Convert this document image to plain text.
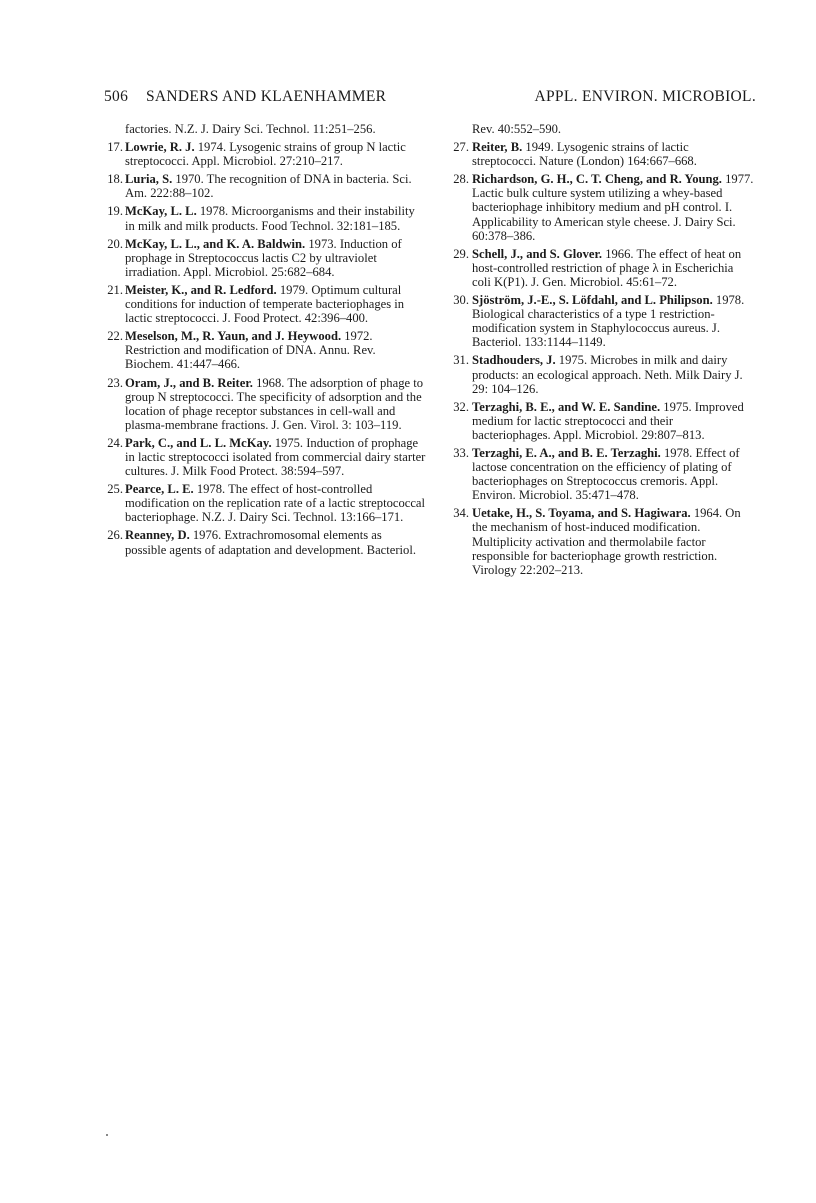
506 SANDERS AND KLAENHAMMER	APPL. ENVIRON. MICROBIOL.
factories. N.Z. J. Dairy Sci. Technol. 11:251–256.
17. Lowrie, R. J. 1974. Lysogenic strains of group N lactic streptococci. Appl. Microbiol. 27:210–217.
18. Luria, S. 1970. The recognition of DNA in bacteria. Sci. Am. 222:88–102.
19. McKay, L. L. 1978. Microorganisms and their instability in milk and milk products. Food Technol. 32:181–185.
20. McKay, L. L., and K. A. Baldwin. 1973. Induction of prophage in Streptococcus lactis C2 by ultraviolet irradiation. Appl. Microbiol. 25:682–684.
21. Meister, K., and R. Ledford. 1979. Optimum cultural conditions for induction of temperate bacteriophages in lactic streptococci. J. Food Protect. 42:396–400.
22. Meselson, M., R. Yaun, and J. Heywood. 1972. Restriction and modification of DNA. Annu. Rev. Biochem. 41:447–466.
23. Oram, J., and B. Reiter. 1968. The adsorption of phage to group N streptococci. The specificity of adsorption and the location of phage receptor substances in cell-wall and plasma-membrane fractions. J. Gen. Virol. 3: 103–119.
24. Park, C., and L. L. McKay. 1975. Induction of prophage in lactic streptococci isolated from commercial dairy starter cultures. J. Milk Food Protect. 38:594–597.
25. Pearce, L. E. 1978. The effect of host-controlled modification on the replication rate of a lactic streptococcal bacteriophage. N.Z. J. Dairy Sci. Technol. 13:166–171.
26. Reanney, D. 1976. Extrachromosomal elements as possible agents of adaptation and development. Bacteriol.
Rev. 40:552–590.
27. Reiter, B. 1949. Lysogenic strains of lactic streptococci. Nature (London) 164:667–668.
28. Richardson, G. H., C. T. Cheng, and R. Young. 1977. Lactic bulk culture system utilizing a whey-based bacteriophage inhibitory medium and pH control. I. Applicability to American style cheese. J. Dairy Sci. 60:378–386.
29. Schell, J., and S. Glover. 1966. The effect of heat on host-controlled restriction of phage λ in Escherichia coli K(P1). J. Gen. Microbiol. 45:61–72.
30. Sjöström, J.-E., S. Löfdahl, and L. Philipson. 1978. Biological characteristics of a type 1 restriction-modification system in Staphylococcus aureus. J. Bacteriol. 133:1144–1149.
31. Stadhouders, J. 1975. Microbes in milk and dairy products: an ecological approach. Neth. Milk Dairy J. 29: 104–126.
32. Terzaghi, B. E., and W. E. Sandine. 1975. Improved medium for lactic streptococci and their bacteriophages. Appl. Microbiol. 29:807–813.
33. Terzaghi, E. A., and B. E. Terzaghi. 1978. Effect of lactose concentration on the efficiency of plating of bacteriophages on Streptococcus cremoris. Appl. Environ. Microbiol. 35:471–478.
34. Uetake, H., S. Toyama, and S. Hagiwara. 1964. On the mechanism of host-induced modification. Multiplicity activation and thermolabile factor responsible for bacteriophage growth restriction. Virology 22:202–213.
